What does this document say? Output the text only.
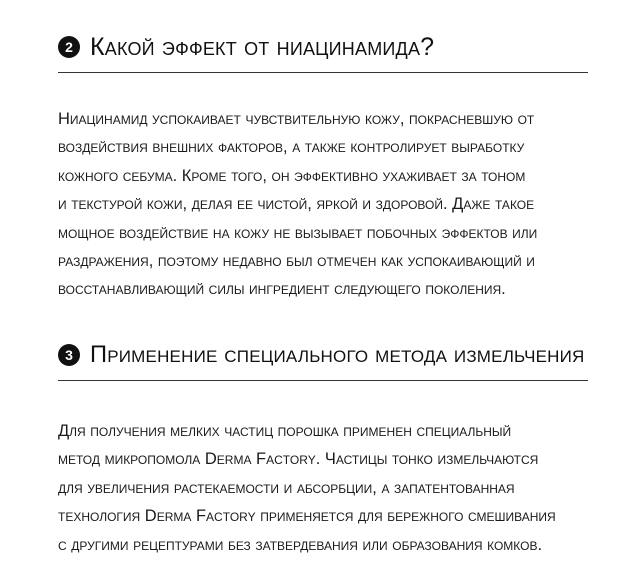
2 Какой эффект от ниацинамида?

Ниацинамид успокаивает чувствительную кожу, покрасневшую от
воздействия внешних факторов, а также контролирует выработку
кожного себума. Кроме того, он эффективно ухаживает за тоном
и текстурой кожи, делая ее чистой, яркой и здоровой. Даже такое
мощное воздействие на кожу не вызывает побочных эффектов или
раздражения, поэтому недавно был отмечен как успокаивающий и
восстанавливающий силы ингредиент следующего поколения.

3 Применение специального метода измельчения

Для получения мелких частиц порошка применен специальный
метод микропомола Derma Factory. Частицы тонко измельчаются
для увеличения растекаемости и абсорбции, а запатентованная
технология Derma Factory применяется для бережного смешивания
с другими рецептурами без затвердевания или образования комков.
